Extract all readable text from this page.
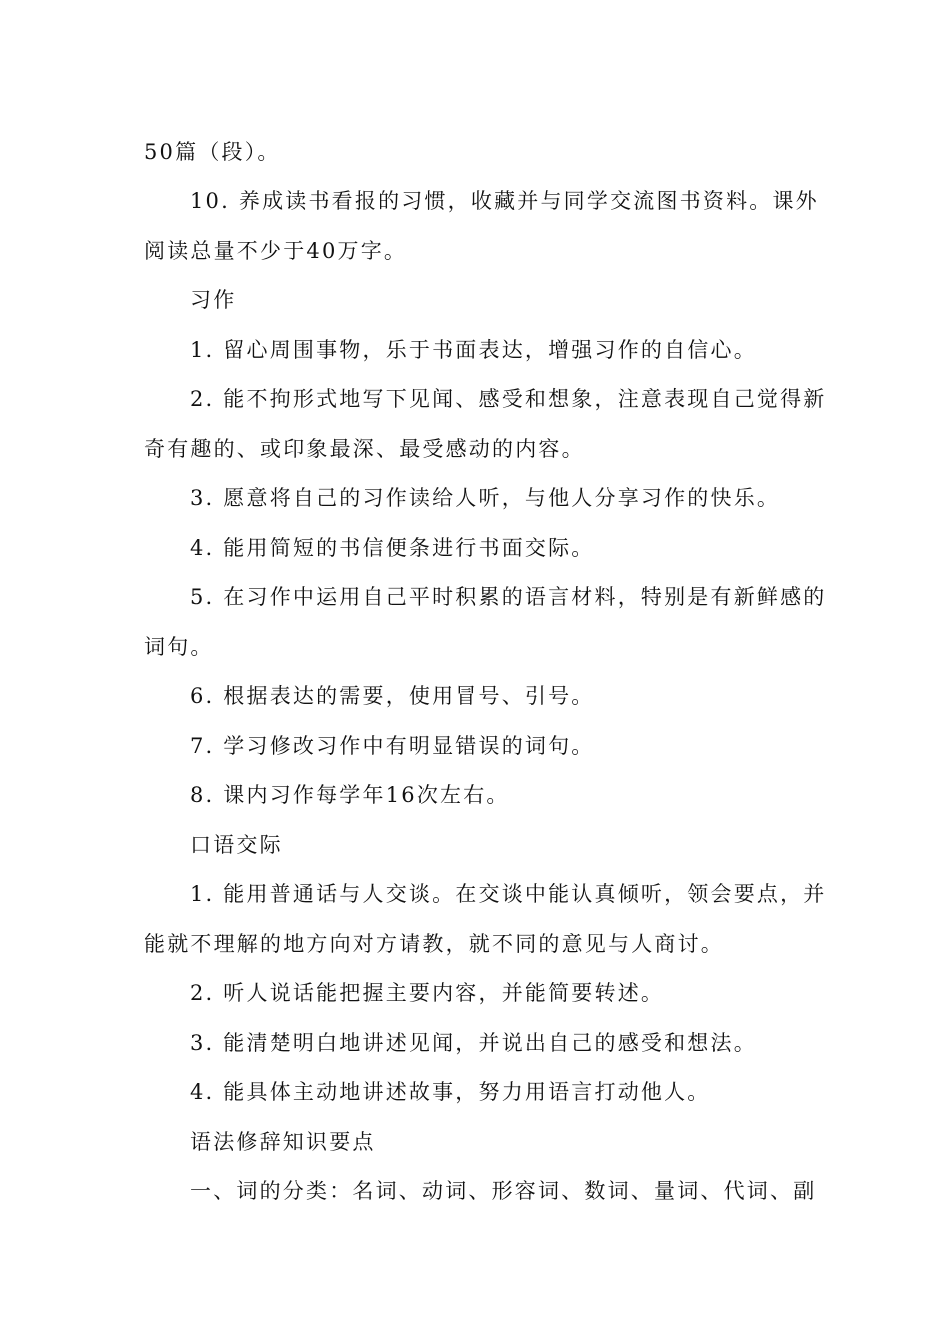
50篇（段）。
10. 养成读书看报的习惯，收藏并与同学交流图书资料。课外
阅读总量不少于40万字。
习作
1. 留心周围事物，乐于书面表达，增强习作的自信心。
2. 能不拘形式地写下见闻、感受和想象，注意表现自己觉得新
奇有趣的、或印象最深、最受感动的内容。
3. 愿意将自己的习作读给人听，与他人分享习作的快乐。
4. 能用简短的书信便条进行书面交际。
5. 在习作中运用自己平时积累的语言材料，特别是有新鲜感的
词句。
6. 根据表达的需要，使用冒号、引号。
7. 学习修改习作中有明显错误的词句。
8. 课内习作每学年16次左右。
口语交际
1. 能用普通话与人交谈。在交谈中能认真倾听，领会要点，并
能就不理解的地方向对方请教，就不同的意见与人商讨。
2. 听人说话能把握主要内容，并能简要转述。
3. 能清楚明白地讲述见闻，并说出自己的感受和想法。
4. 能具体主动地讲述故事，努力用语言打动他人。
语法修辞知识要点
一、词的分类：名词、动词、形容词、数词、量词、代词、副
